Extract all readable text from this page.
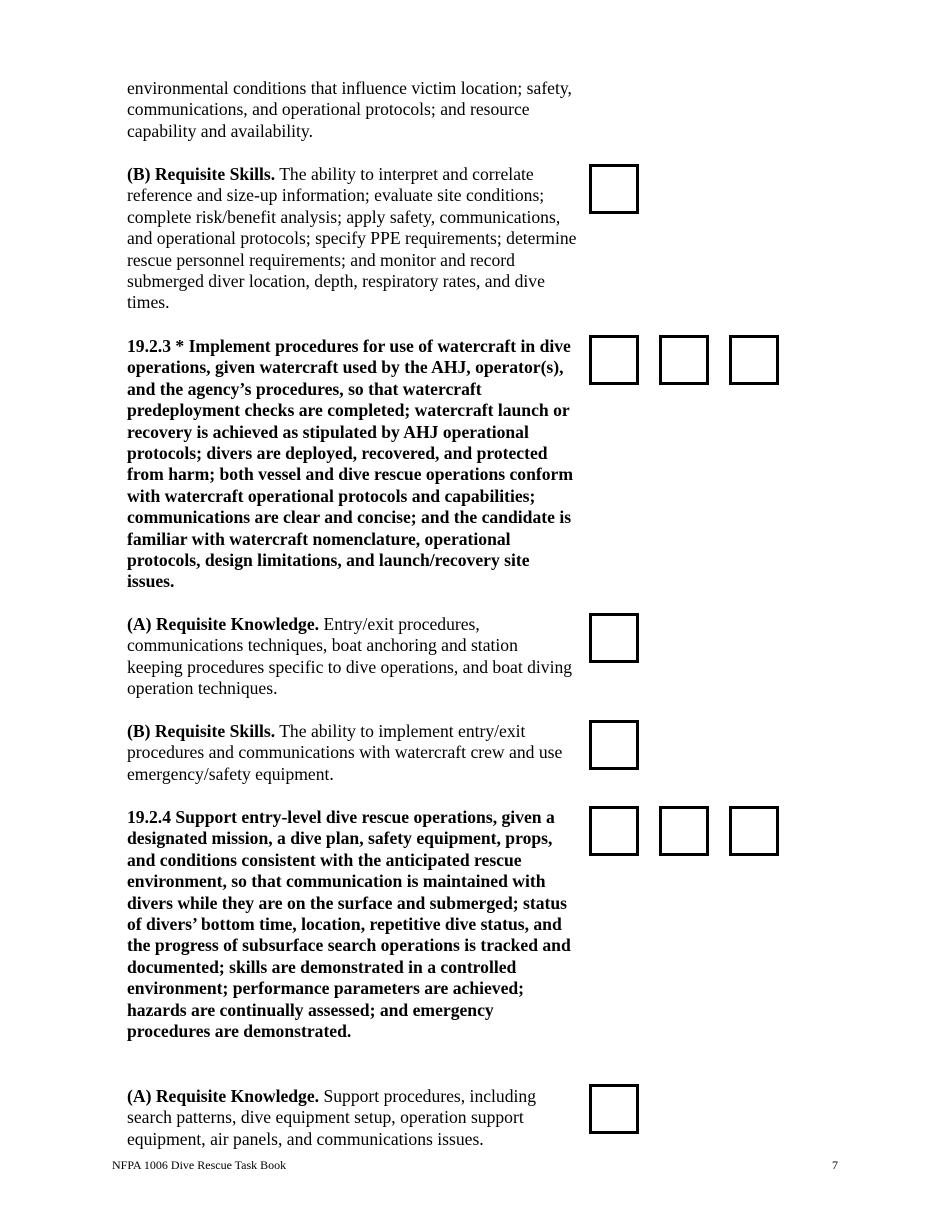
environmental conditions that influence victim location; safety, communications, and operational protocols; and resource capability and availability.

(B) Requisite Skills. The ability to interpret and correlate reference and size-up information; evaluate site conditions; complete risk/benefit analysis; apply safety, communications, and operational protocols; specify PPE requirements; determine rescue personnel requirements; and monitor and record submerged diver location, depth, respiratory rates, and dive times.

19.2.3 * Implement procedures for use of watercraft in dive operations, given watercraft used by the AHJ, operator(s), and the agency’s procedures, so that watercraft predeployment checks are completed; watercraft launch or recovery is achieved as stipulated by AHJ operational protocols; divers are deployed, recovered, and protected from harm; both vessel and dive rescue operations conform with watercraft operational protocols and capabilities; communications are clear and concise; and the candidate is familiar with watercraft nomenclature, operational protocols, design limitations, and launch/recovery site issues.

(A) Requisite Knowledge. Entry/exit procedures, communications techniques, boat anchoring and station keeping procedures specific to dive operations, and boat diving operation techniques.

(B) Requisite Skills. The ability to implement entry/exit procedures and communications with watercraft crew and use emergency/safety equipment.

19.2.4 Support entry-level dive rescue operations, given a designated mission, a dive plan, safety equipment, props, and conditions consistent with the anticipated rescue environment, so that communication is maintained with divers while they are on the surface and submerged; status of divers’ bottom time, location, repetitive dive status, and the progress of subsurface search operations is tracked and documented; skills are demonstrated in a controlled environment; performance parameters are achieved; hazards are continually assessed; and emergency procedures are demonstrated.

(A) Requisite Knowledge. Support procedures, including search patterns, dive equipment setup, operation support equipment, air panels, and communications issues.

NFPA 1006 Dive Rescue Task Book	7
